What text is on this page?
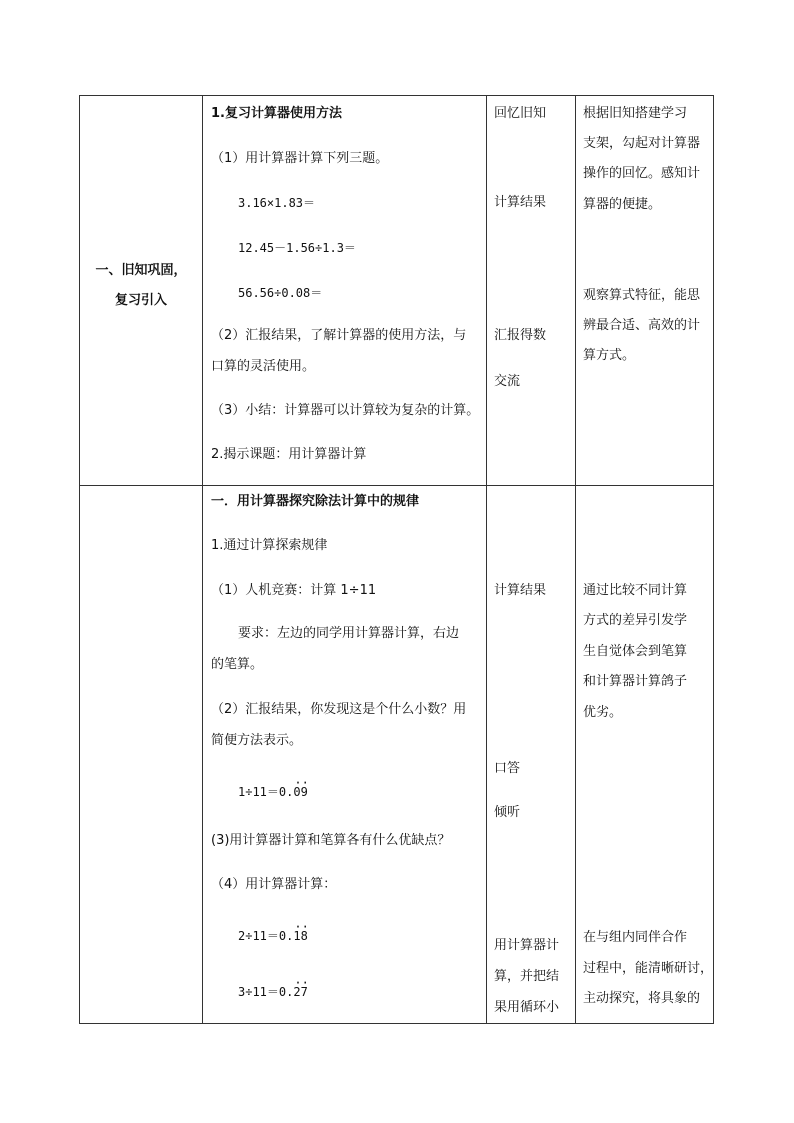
一、旧知巩固，
复习引入
1.复习计算器使用方法
（1）用计算器计算下列三题。
3.16×1.83＝
12.45－1.56÷1.3＝
56.56÷0.08＝
（2）汇报结果，了解计算器的使用方法，与
口算的灵活使用。
（3）小结：计算器可以计算较为复杂的计算。
2.揭示课题：用计算器计算
回忆旧知
计算结果
汇报得数
交流
根据旧知搭建学习
支架，勾起对计算器
操作的回忆。感知计
算器的便捷。
观察算式特征，能思
辨最合适、高效的计
算方式。
一．用计算器探究除法计算中的规律
1.通过计算探索规律
（1）人机竞赛：计算 1÷11
要求：左边的同学用计算器计算，右边
的笔算。
（2）汇报结果，你发现这是个什么小数？用
简便方法表示。
1÷11＝0.0 ·9 ·
(3)用计算器计算和笔算各有什么优缺点？
（4）用计算器计算：
2÷11＝0.1 ·8 ·
3÷11＝0.2 ·7 ·
计算结果
口答
倾听
用计算器计
算，并把结
果用循环小
通过比较不同计算
方式的差异引发学
生自觉体会到笔算
和计算器计算鸽子
优劣。
在与组内同伴合作
过程中，能清晰研讨，
主动探究，将具象的
